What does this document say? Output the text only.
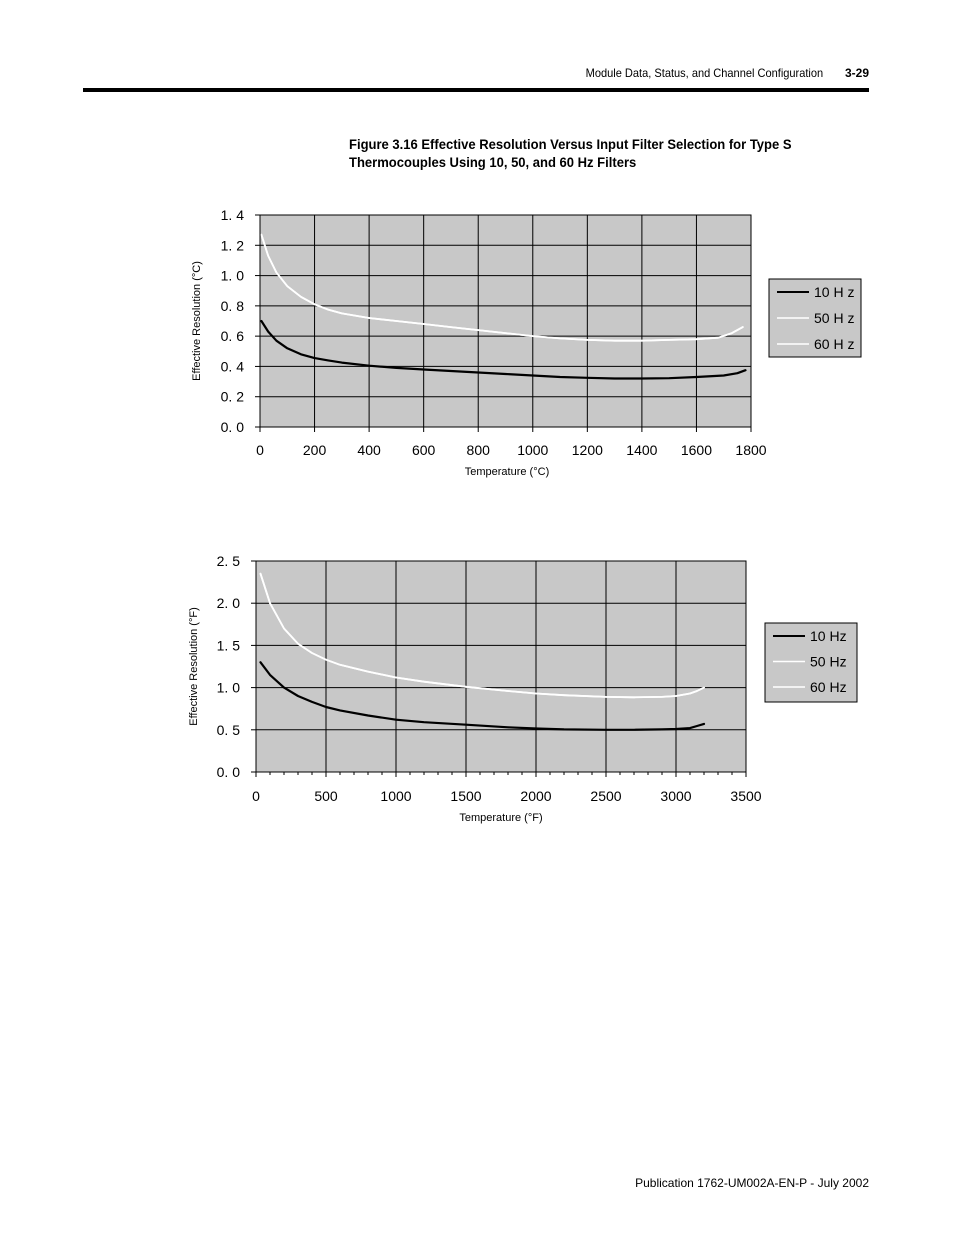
Module Data, Status, and Channel Configuration 3-29
Figure 3.16 Effective Resolution Versus Input Filter Selection for Type S
Thermocouples Using 10, 50, and 60 Hz Filters
0. 0
0. 2
0. 4
0. 6
0. 8
1. 0
1. 2
1. 4
0	200 400 600 800 1000 1200 1400 1600 1800
Temperature (°C)
Effective Resolution (°C)	10 H z
50 H z
60 H z
0. 0
0. 5
1. 0
1. 5
2. 0
2. 5
0	500	1000	1500	2000	2500	3000	3500
Temperature (°F)
Effective Resolution (°F)	10 Hz
50 Hz
60 Hz
Publication 1762-UM002A-EN-P - July 2002
